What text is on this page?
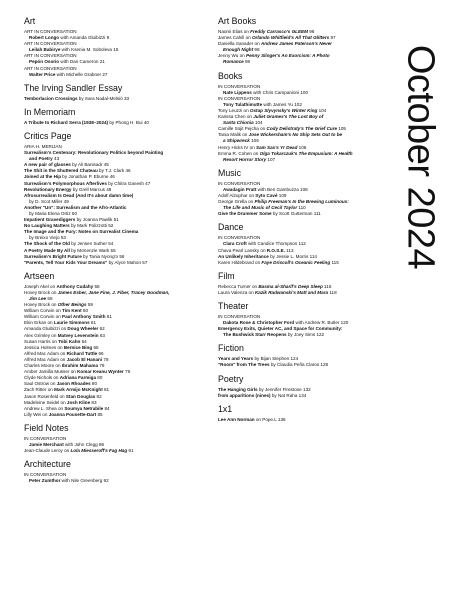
Art
ART IN CONVERSATION
Robert Longo with Amanda Gluibizzi 9
ART IN CONVERSATION
Leilah Babirye with Ksenia M. Soboleva 15
ART IN CONVERSATION
Pepón Osorio with Dan Cameron 21
ART IN CONVERSATION
Walter Price with Michelle Grabner 27
The Irving Sandler Essay
Temborlacion Crossings by Sara Nadal-Melsió 33
In Memoriam
A Tribute to Richard Serra (1938–2024) by Phong H. Bui 40
Critics Page
ARIA H. MERIJAN
Surrealism's Centenary: Revolutionary Politics beyond Painting
and Poetry 43
A new pair of glasses by Ali Banisadr 45
The Shit in the Shuttered Chateau by T.J. Clark 46
Joined at the Hip by Jonathan P. Eburne 46
Surrealism's Polymorphous Afterlives by Chitra Ganesh 47
Revolutionary Energy by Grell Marcus 48
Afrosurrealism Is Dead (And It's about damn time)
by D. Scot Miller 49
Another "Un": Surrealism and the Afro-Atlantic
by Maria Elena Ortiz 50
Impatient Gravediggers by Joanna Pawlik 51
No Laughing Matters by Mark Polizzotti 52
The Image and the Fury: Notes on Surrealist Cinema
by Breixo Viejo 53
The Shock of the Old by Jensen Suther 54
A Poetry Made By All by McKenzie Wark 55
Surrealism's Bright Future by Tania Nyong'o 56
"Parents, Tell Your Kids Your Dreams" by Alyce Mahon 57
Artseen
Joseph Akel on Anthony Cudahy 58
Hovey Brock on James Esber, Jane Fine, J. Fiber, Tracey Goodman,
Jim Lee 58
Hovey Brock on Other Beings 59
William Corwin on Tim Kent 60
William Corwin on Paul Anthony Smith 61
Ekin Erkan on Laurie Simmons 61
Amanda Gluibizzi on Doug Wheeler 62
Alex Grimley on Matvey Levenstein 63
Susan Harris on Tobi Kahn 64
Jessica Holmes on Bernice Bing 65
Alfred Mac Adam on Richard Tuttle 66
Alfred Mac Adam on Jacob El Hanani 78
Charles Moore on Ibrahim Mahama 79
Amber Jamilla Musser on Komar Keanu Wynter 79
Clyde Nichols on Adriana Farmiga 80
Saul Ostrow on Jason Rhoades 80
Zach Ritter on Mark Armijo McKnight 81
Jason Rosenfeld on Stan Douglas 82
Madeleine Seidel on Josh Kline 83
Andrew L. Shea on Soumya Netrabile 84
Lilly Wei on Joanna Pousette-Dart 85
Field Notes
IN CONVERSATION
Jamie Merchant with John Clegg 86
Jean-Claude Leroy on Lola Miesseroff's Fag Hag 91
Architecture
IN CONVERSATION
Peter Zumthor with Nile Greenberg 92
Art Books
Naomi Elias on Freddy Carrasco's GLEEM 96
James Cahill on Orlando Whitfield's All That Glitters 97
Daniella Sanader on Andrew James Paterson's Never
Enough Night 98
Jenny Wu on Penny Slinger's An Exorcism: A Photo
Romance 98
Books
IN CONVERSATION
Nate Lippens with Chris Campanioni 100
IN CONVERSATION
Tony Tulathimutte with James Yu 102
Tony Leuzzi on Ostap Slyvynsky's Winter King 104
Karissa Chen on Juliet Grames's The Lost Boy of
Santa Chionia 104
Camille Sojit Pejcha on Cody Delistraty's The Grief Cure 105
Tania Malik on Jose Wickersham's No Ship Sets Out to be
a Shipwreck 106
Henry Hicks IV on Sam Sax's Yr Dead 106
Emma R. Cohen on Olga Tokarczuk's The Empusium: A Health
Resort Horror Story 107
Music
IN CONVERSATION
Awadagin Pratt with Ben Gambuzza 108
Adolf Alzuphar on Syto Cavé 109
George Grella on Philip Freeman's In the Brewing Luminous:
The Life and Music of Cecil Taylor 110
Give the Drummer Some by Scott Gutterman 111
Dance
IN CONVERSATION
Clara Croft with Candice Thompson 112
Chava Pearl Lansky on R.O.S.E. 113
An Unlikely Inheritance by Jessie L. Morris 114
Karen Hildebrand on Faye Driscoll's Oceanic Feeling 115
Film
Rebecca Turner on Basma al-Sharif's Deep Sleep 116
Laura Valenza on Kazik Radwanski's Matt and Mara 118
Theater
IN CONVERSATION
Dakota Rose & Christopher Ford with Andrew R. Butler 120
Emergency Exits, Quieter AC, and Space for Community:
The Bushwick Starr Reopens by Joey Sims 122
Fiction
Years and Years by Bijan Stephen 124
"Room" from The Trees by Claudia Peña Claros 128
Poetry
The Hanging Girls by Jennifer Firestone 132
from apparitions (nines) by Nat Raha 134
1x1
Lee Ann Norman on Pope.L 136
October 2024
